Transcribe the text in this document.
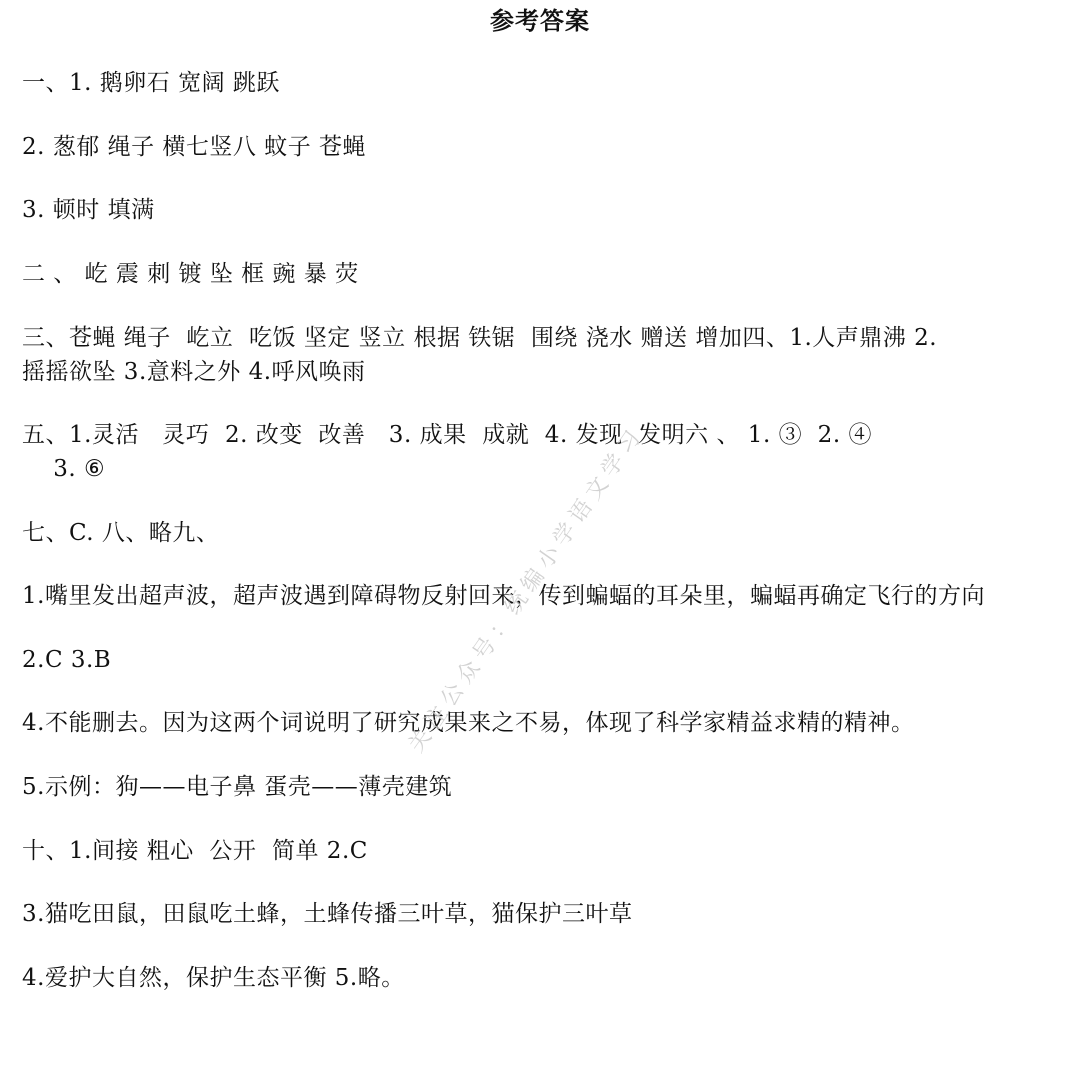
参考答案
一、1. 鹅卵石 宽阔 跳跃
2. 葱郁 绳子 横七竖八 蚊子 苍蝇
3. 顿时 填满
二 、 屹 震 刺 镀 坠 框 豌 暴 荧
三、苍蝇 绳子  屹立  吃饭 坚定 竖立 根据 铁锯  围绕 浇水 赠送 增加四、1.人声鼎沸 2.
摇摇欲坠 3.意料之外 4.呼风唤雨
五、1.灵活   灵巧  2. 改变  改善   3. 成果  成就  4. 发现  发明六 、 1. ③  2. ④
3. ⑥
七、C. 八、略九、
1.嘴里发出超声波，超声波遇到障碍物反射回来，传到蝙蝠的耳朵里，蝙蝠再确定飞行的方向
2.C 3.B
4.不能删去。因为这两个词说明了研究成果来之不易，体现了科学家精益求精的精神。
5.示例：狗——电子鼻 蛋壳——薄壳建筑
十、1.间接 粗心  公开  简单 2.C
3.猫吃田鼠，田鼠吃土蜂，土蜂传播三叶草，猫保护三叶草
4.爱护大自然，保护生态平衡 5.略。
关注公众号：统编小学语文学习
